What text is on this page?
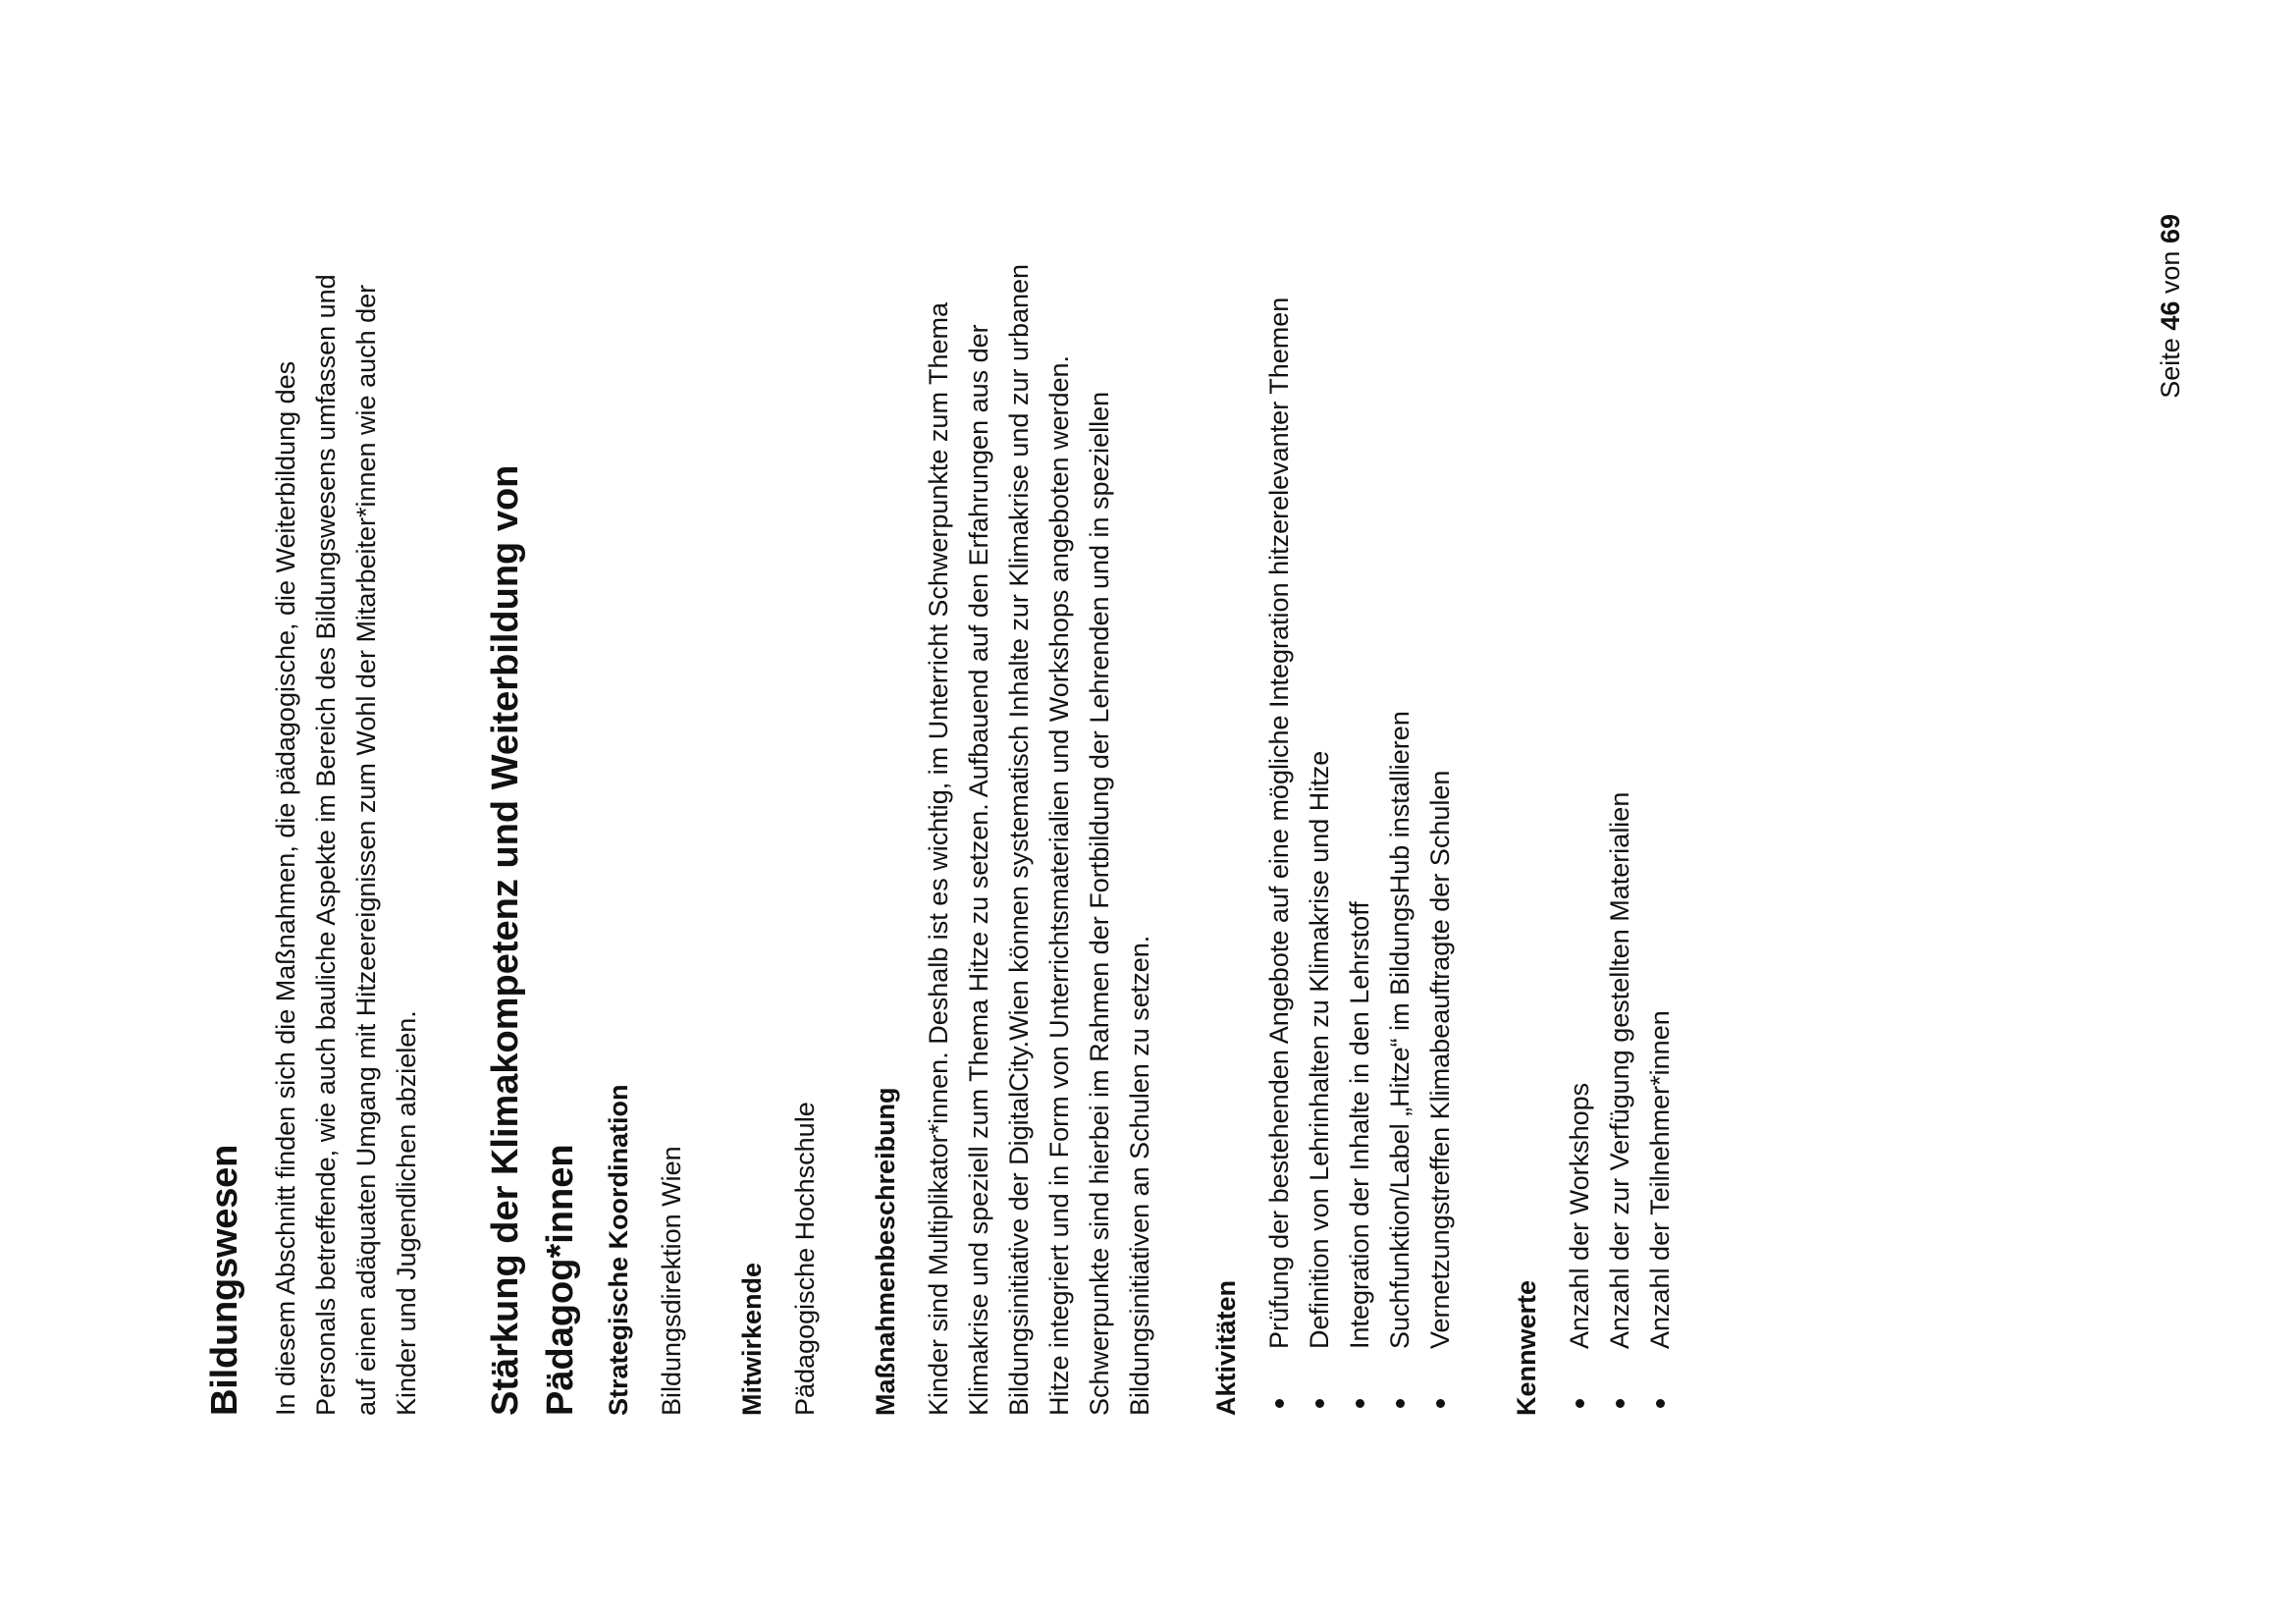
Bildungswesen In diesem Abschnitt finden sich die Maßnahmen, die pädagogische, die Weiterbildung des Personals betreffende, wie auch bauliche Aspekte im Bereich des Bildungswesens umfassen und auf einen adäquaten Umgang mit Hitzeereignissen zum Wohl der Mitarbeiter*innen wie auch der Kinder und Jugendlichen abzielen. Stärkung der Klimakompetenz und Weiterbildung von Pädagog*innen Strategische Koordination Bildungsdirektion Wien Mitwirkende Pädagogische Hochschule Maßnahmenbeschreibung Kinder sind Multiplikator*innen. Deshalb ist es wichtig, im Unterricht Schwerpunkte zum Thema Klimakrise und speziell zum Thema Hitze zu setzen. Aufbauend auf den Erfahrungen aus der Bildungsinitiative der DigitalCity.Wien können systematisch Inhalte zur Klimakrise und zur urbanen Hitze integriert und in Form von Unterrichtsmaterialien und Workshops angeboten werden. Schwerpunkte sind hierbei im Rahmen der Fortbildung der Lehrenden und in speziellen Bildungsinitiativen an Schulen zu setzen. Aktivitäten Prüfung der bestehenden Angebote auf eine mögliche Integration hitzerelevanter Themen Definition von Lehrinhalten zu Klimakrise und Hitze Integration der Inhalte in den Lehrstoff Suchfunktion/Label „Hitze“ im BildungsHub installieren Vernetzungstreffen Klimabeauftragte der Schulen Kennwerte Anzahl der Workshops Anzahl der zur Verfügung gestellten Materialien Anzahl der Teilnehmer*innen
Seite 46 von 69
